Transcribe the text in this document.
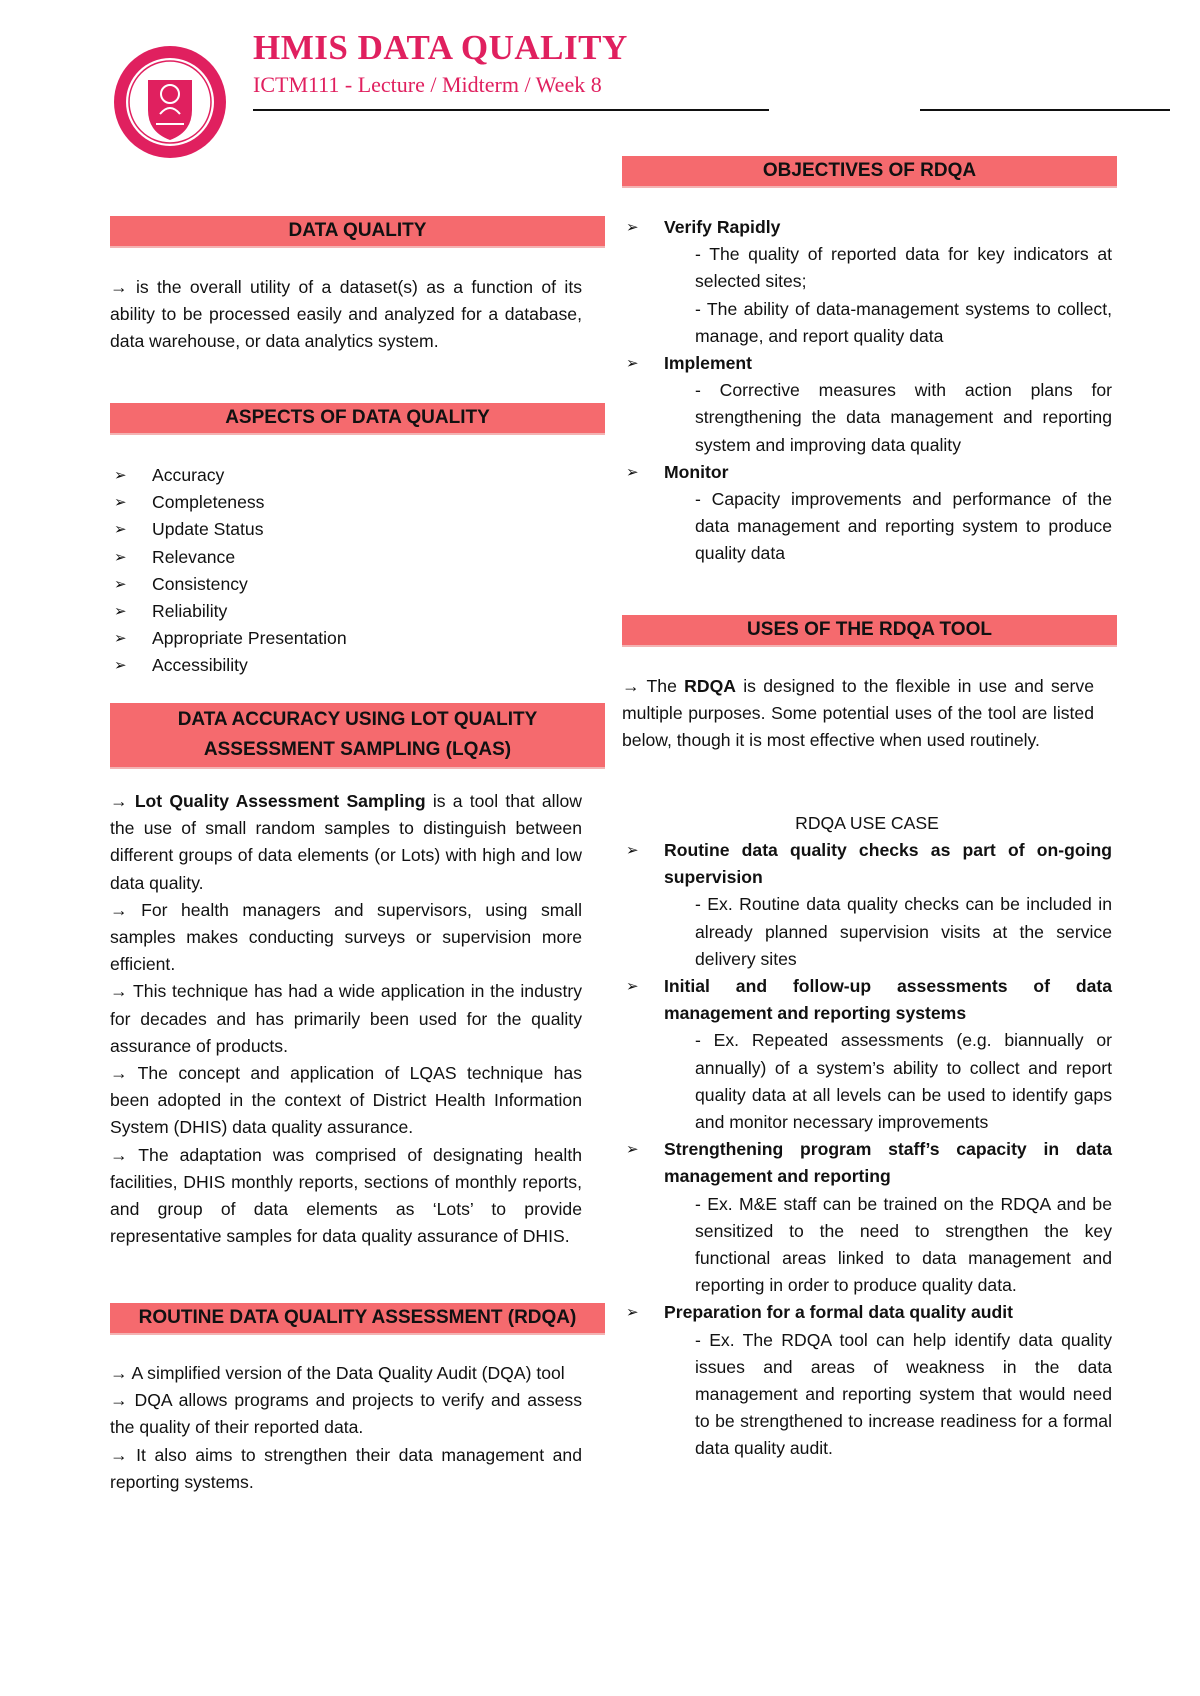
HMIS DATA QUALITY
ICTM111 - Lecture / Midterm / Week 8
DATA QUALITY
→ is the overall utility of a dataset(s) as a function of its ability to be processed easily and analyzed for a database, data warehouse, or data analytics system.
ASPECTS OF DATA QUALITY
➢ Accuracy
➢ Completeness
➢ Update Status
➢ Relevance
➢ Consistency
➢ Reliability
➢ Appropriate Presentation
➢ Accessibility
DATA ACCURACY USING LOT QUALITY
ASSESSMENT SAMPLING (LQAS)
→ Lot Quality Assessment Sampling is a tool that allow the use of small random samples to distinguish between different groups of data elements (or Lots) with high and low data quality.
→ For health managers and supervisors, using small samples makes conducting surveys or supervision more efficient.
→ This technique has had a wide application in the industry for decades and has primarily been used for the quality assurance of products.
→ The concept and application of LQAS technique has been adopted in the context of District Health Information System (DHIS) data quality assurance.
→ The adaptation was comprised of designating health facilities, DHIS monthly reports, sections of monthly reports, and group of data elements as ‘Lots’ to provide representative samples for data quality assurance of DHIS.
ROUTINE DATA QUALITY ASSESSMENT (RDQA)
→ A simplified version of the Data Quality Audit (DQA) tool
→ DQA allows programs and projects to verify and assess the quality of their reported data.
→ It also aims to strengthen their data management and reporting systems.
OBJECTIVES OF RDQA
➢ Verify Rapidly
- The quality of reported data for key indicators at selected sites;
- The ability of data-management systems to collect, manage, and report quality data
➢ Implement
- Corrective measures with action plans for strengthening the data management and reporting system and improving data quality
➢ Monitor
- Capacity improvements and performance of the data management and reporting system to produce quality data
USES OF THE RDQA TOOL
→ The RDQA is designed to the flexible in use and serve multiple purposes. Some potential uses of the tool are listed below, though it is most effective when used routinely.
RDQA USE CASE
➢ Routine data quality checks as part of on-going supervision
- Ex. Routine data quality checks can be included in already planned supervision visits at the service delivery sites
➢ Initial and follow-up assessments of data management and reporting systems
- Ex. Repeated assessments (e.g. biannually or annually) of a system’s ability to collect and report quality data at all levels can be used to identify gaps and monitor necessary improvements
➢ Strengthening program staff’s capacity in data management and reporting
- Ex. M&E staff can be trained on the RDQA and be sensitized to the need to strengthen the key functional areas linked to data management and reporting in order to produce quality data.
➢ Preparation for a formal data quality audit
- Ex. The RDQA tool can help identify data quality issues and areas of weakness in the data management and reporting system that would need to be strengthened to increase readiness for a formal data quality audit.
